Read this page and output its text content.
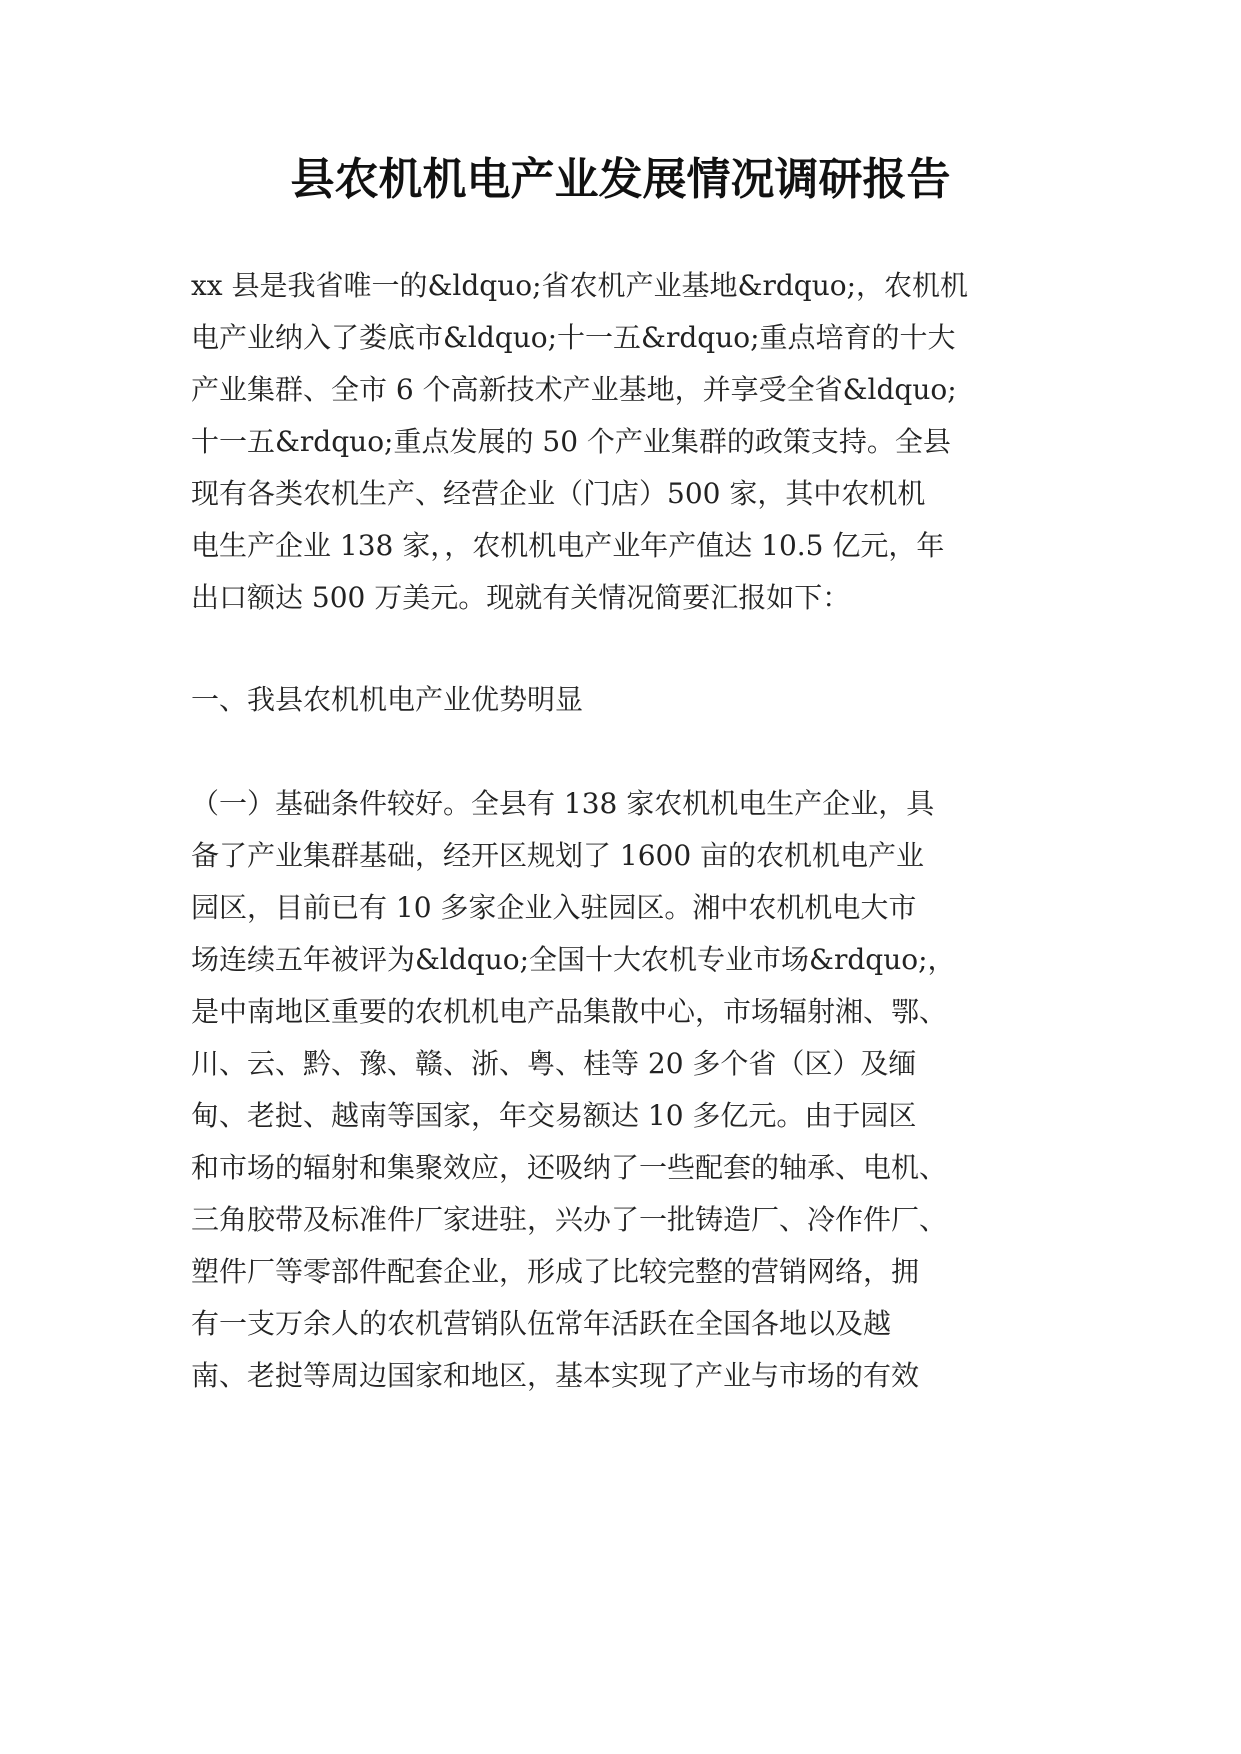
县农机机电产业发展情况调研报告

xx 县是我省唯一的&ldquo;省农机产业基地&rdquo;，农机机

电产业纳入了娄底市&ldquo;十一五&rdquo;重点培育的十大

产业集群、全市 6 个高新技术产业基地，并享受全省&ldquo;

十一五&rdquo;重点发展的 50 个产业集群的政策支持。全县

现有各类农机生产、经营企业（门店）500 家，其中农机机

电生产企业 138 家，，农机机电产业年产值达 10.5 亿元，年

出口额达 500 万美元。现就有关情况简要汇报如下：

一、我县农机机电产业优势明显

（一）基础条件较好。全县有 138 家农机机电生产企业，具

备了产业集群基础，经开区规划了 1600 亩的农机机电产业

园区，目前已有 10 多家企业入驻园区。湘中农机机电大市

场连续五年被评为&ldquo;全国十大农机专业市场&rdquo;，

是中南地区重要的农机机电产品集散中心，市场辐射湘、鄂、

川、云、黔、豫、赣、浙、粤、桂等 20 多个省（区）及缅

甸、老挝、越南等国家，年交易额达 10 多亿元。由于园区

和市场的辐射和集聚效应，还吸纳了一些配套的轴承、电机、

三角胶带及标准件厂家进驻，兴办了一批铸造厂、冷作件厂、

塑件厂等零部件配套企业，形成了比较完整的营销网络，拥

有一支万余人的农机营销队伍常年活跃在全国各地以及越

南、老挝等周边国家和地区，基本实现了产业与市场的有效
